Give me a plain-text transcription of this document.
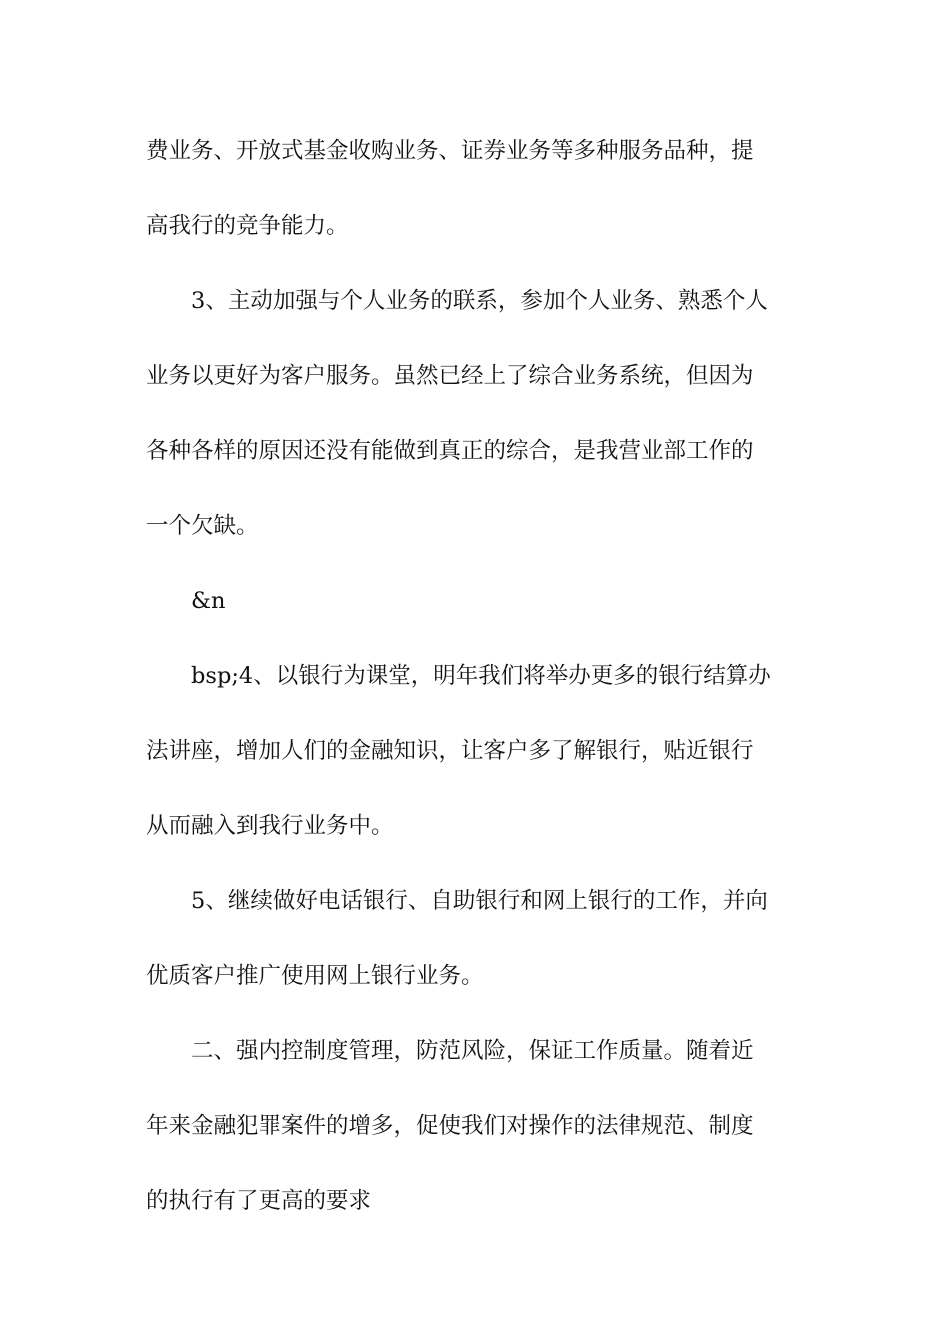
费业务、开放式基金收购业务、证券业务等多种服务品种，提
高我行的竞争能力。
3、主动加强与个人业务的联系，参加个人业务、熟悉个人
业务以更好为客户服务。虽然已经上了综合业务系统，但因为
各种各样的原因还没有能做到真正的综合，是我营业部工作的
一个欠缺。
&n
bsp;4、以银行为课堂，明年我们将举办更多的银行结算办
法讲座，增加人们的金融知识，让客户多了解银行，贴近银行
从而融入到我行业务中。
5、继续做好电话银行、自助银行和网上银行的工作，并向
优质客户推广使用网上银行业务。
二、强内控制度管理，防范风险，保证工作质量。随着近
年来金融犯罪案件的增多，促使我们对操作的法律规范、制度
的执行有了更高的要求
